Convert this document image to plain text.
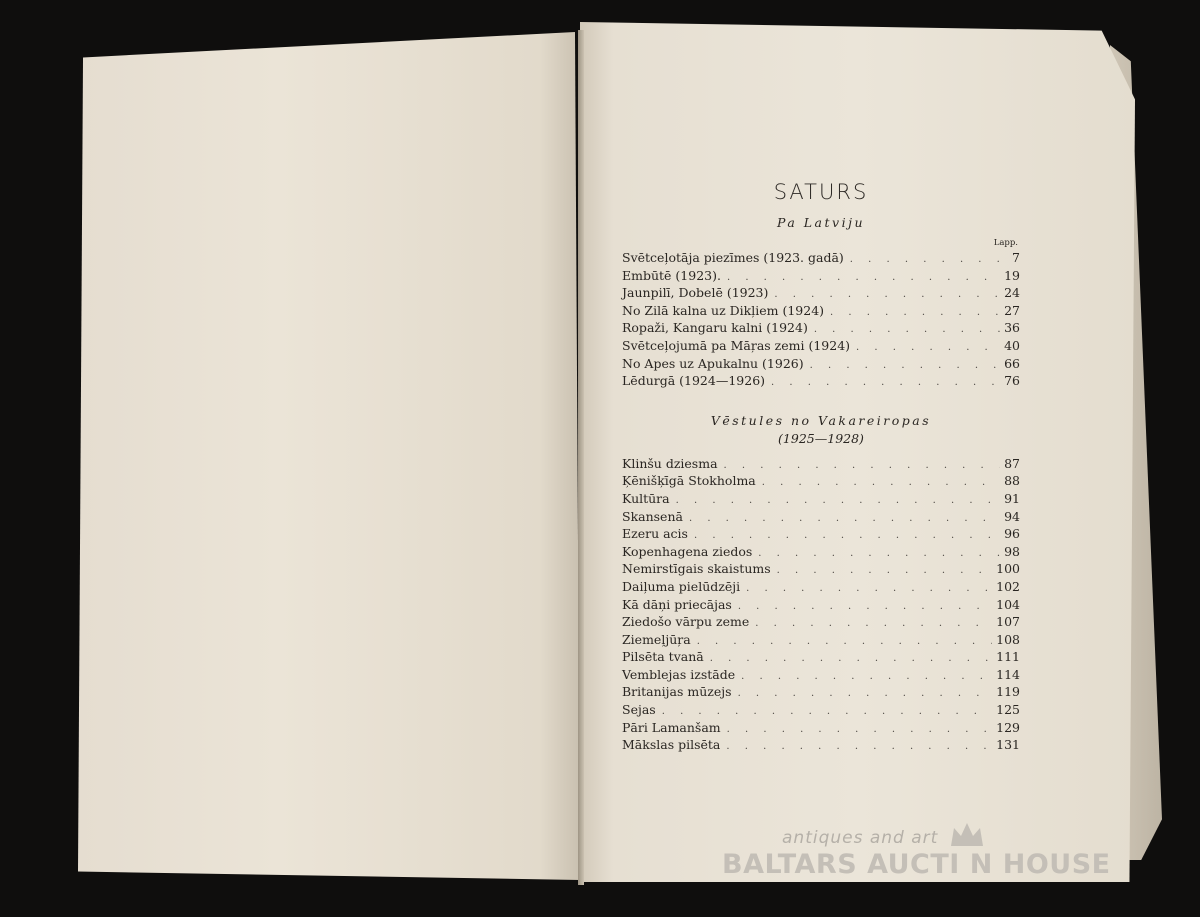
SATURS

Pa Latviju

Lapp.

Svētceļotāja piezīmes (1923. gadā) . . .	7
Embūtē (1923). . . .	19
Jaunpilī, Dobelē (1923) . . .	24
No Zilā kalna uz Dikļiem (1924) . . .	27
Ropaži, Kangaru kalni (1924) . . .	36
Svētceļojumā pa Māŗas zemi (1924) . . .	40
No Apes uz Apukalnu (1926) . . .	66
Lēdurgā (1924—1926) . . .	76

Vēstules no Vakareiropas

(1925—1928)

Klinšu dziesma . . .	87
Ķēnišķīgā Stokholma . . .	88
Kultūra . . .	91
Skansenā . . .	94
Ezeru acis . . .	96
Kopenhagena ziedos . . .	98
Nemirstīgais skaistums . . .	100
Daiļuma pielūdzēji . . .	102
Kā dāņi priecājas . . .	104
Ziedošo vārpu zeme . . .	107
Ziemeļjūŗa . . .	108
Pilsēta tvanā . . .	111
Vemblejas izstāde . . .	114
Britanijas mūzejs . . .	119
Sejas . . .	125
Pāri Lamanšam . . .	129
Mākslas pilsēta . . .	131
antiques and art
BALTARS AUCTI N HOUSE
